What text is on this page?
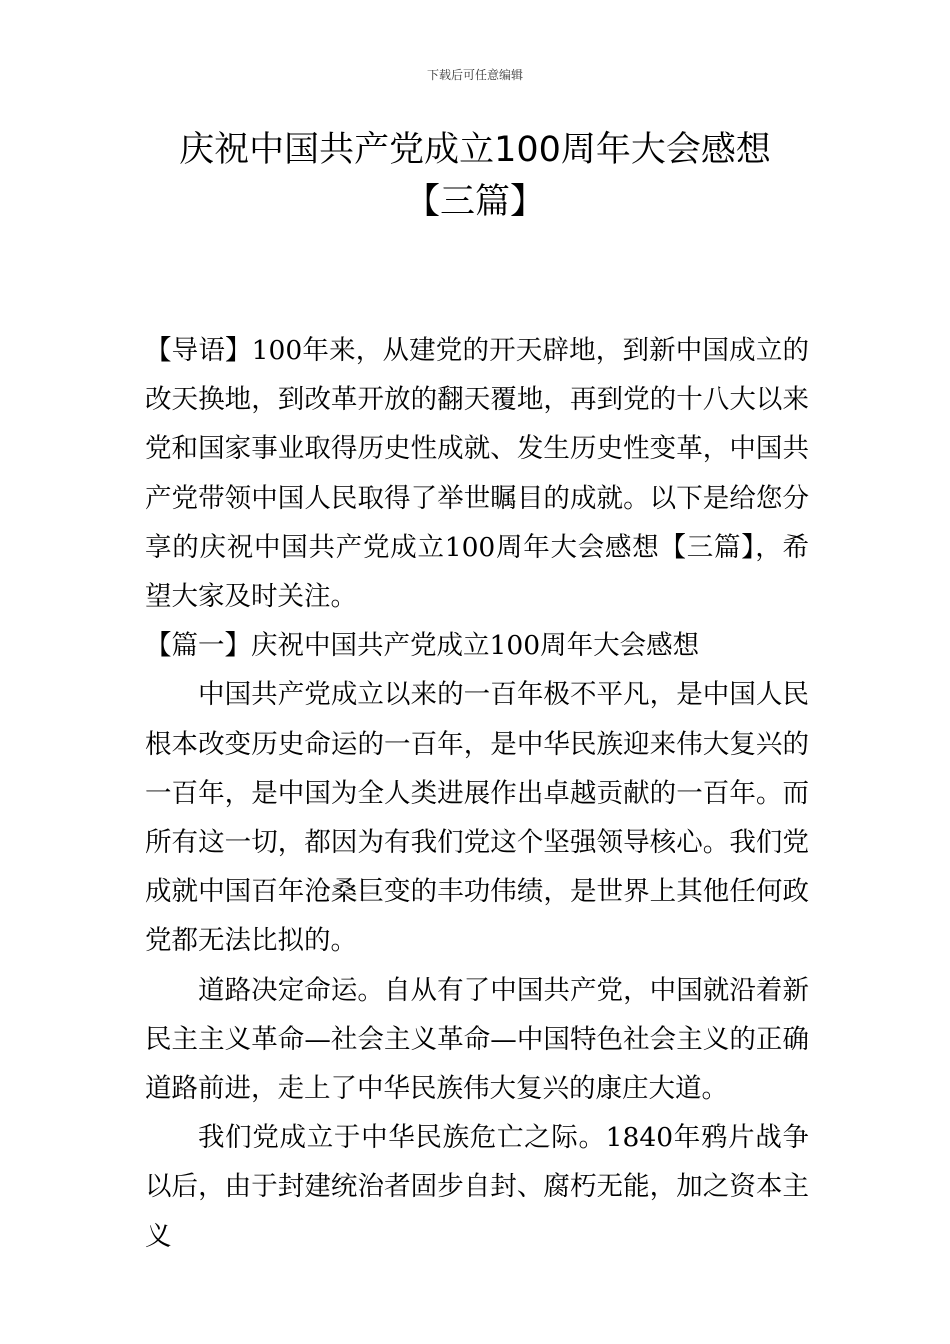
下载后可任意编辑
庆祝中国共产党成立100周年大会感想
【三篇】

【导语】100年来，从建党的开天辟地，到新中国成立的改天换地，到改革开放的翻天覆地，再到党的十八大以来党和国家事业取得历史性成就、发生历史性变革，中国共产党带领中国人民取得了举世瞩目的成就。以下是给您分享的庆祝中国共产党成立100周年大会感想【三篇】，希望大家及时关注。

【篇一】庆祝中国共产党成立100周年大会感想

中国共产党成立以来的一百年极不平凡，是中国人民根本改变历史命运的一百年，是中华民族迎来伟大复兴的一百年，是中国为全人类进展作出卓越贡献的一百年。而所有这一切，都因为有我们党这个坚强领导核心。我们党成就中国百年沧桑巨变的丰功伟绩，是世界上其他任何政党都无法比拟的。

道路决定命运。自从有了中国共产党，中国就沿着新民主主义革命—社会主义革命—中国特色社会主义的正确道路前进，走上了中华民族伟大复兴的康庄大道。

我们党成立于中华民族危亡之际。1840年鸦片战争以后，由于封建统治者固步自封、腐朽无能，加之资本主义
